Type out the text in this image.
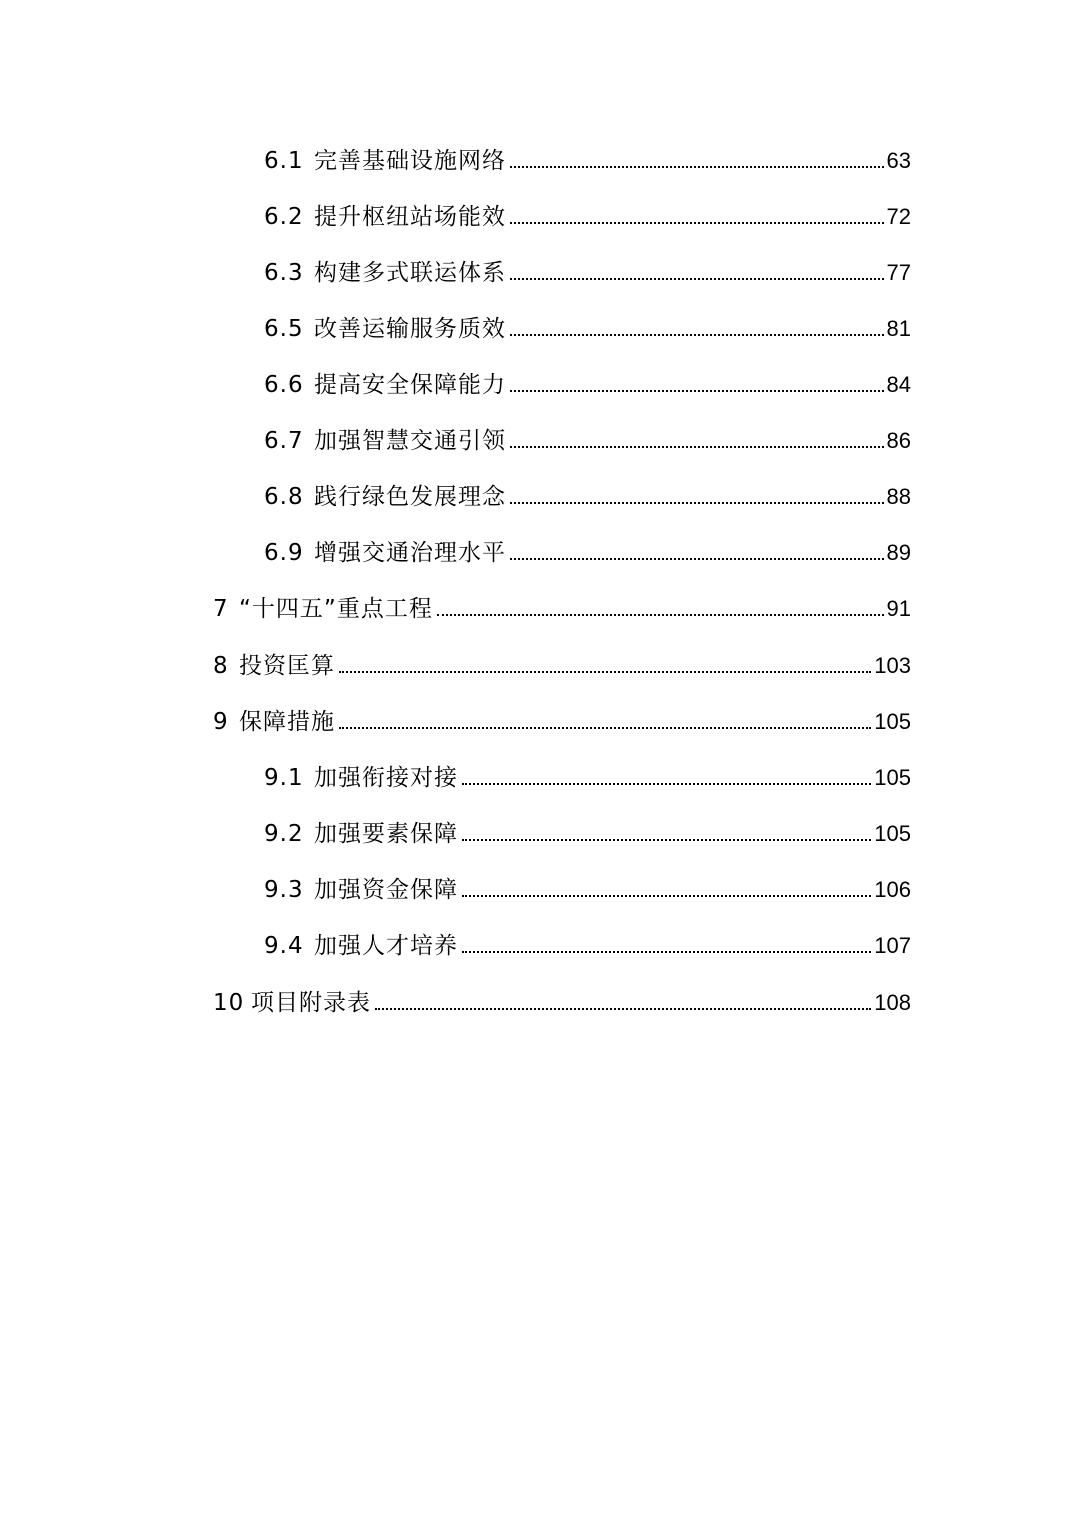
6.1 完善基础设施网络	63
6.2 提升枢纽站场能效	72
6.3 构建多式联运体系	77
6.5 改善运输服务质效	81
6.6 提高安全保障能力	84
6.7 加强智慧交通引领	86
6.8 践行绿色发展理念	88
6.9 增强交通治理水平	89
7 “十四五”重点工程	91
8 投资匡算	103
9 保障措施	105
9.1 加强衔接对接	105
9.2 加强要素保障	105
9.3 加强资金保障	106
9.4 加强人才培养	107
10 项目附录表	108
